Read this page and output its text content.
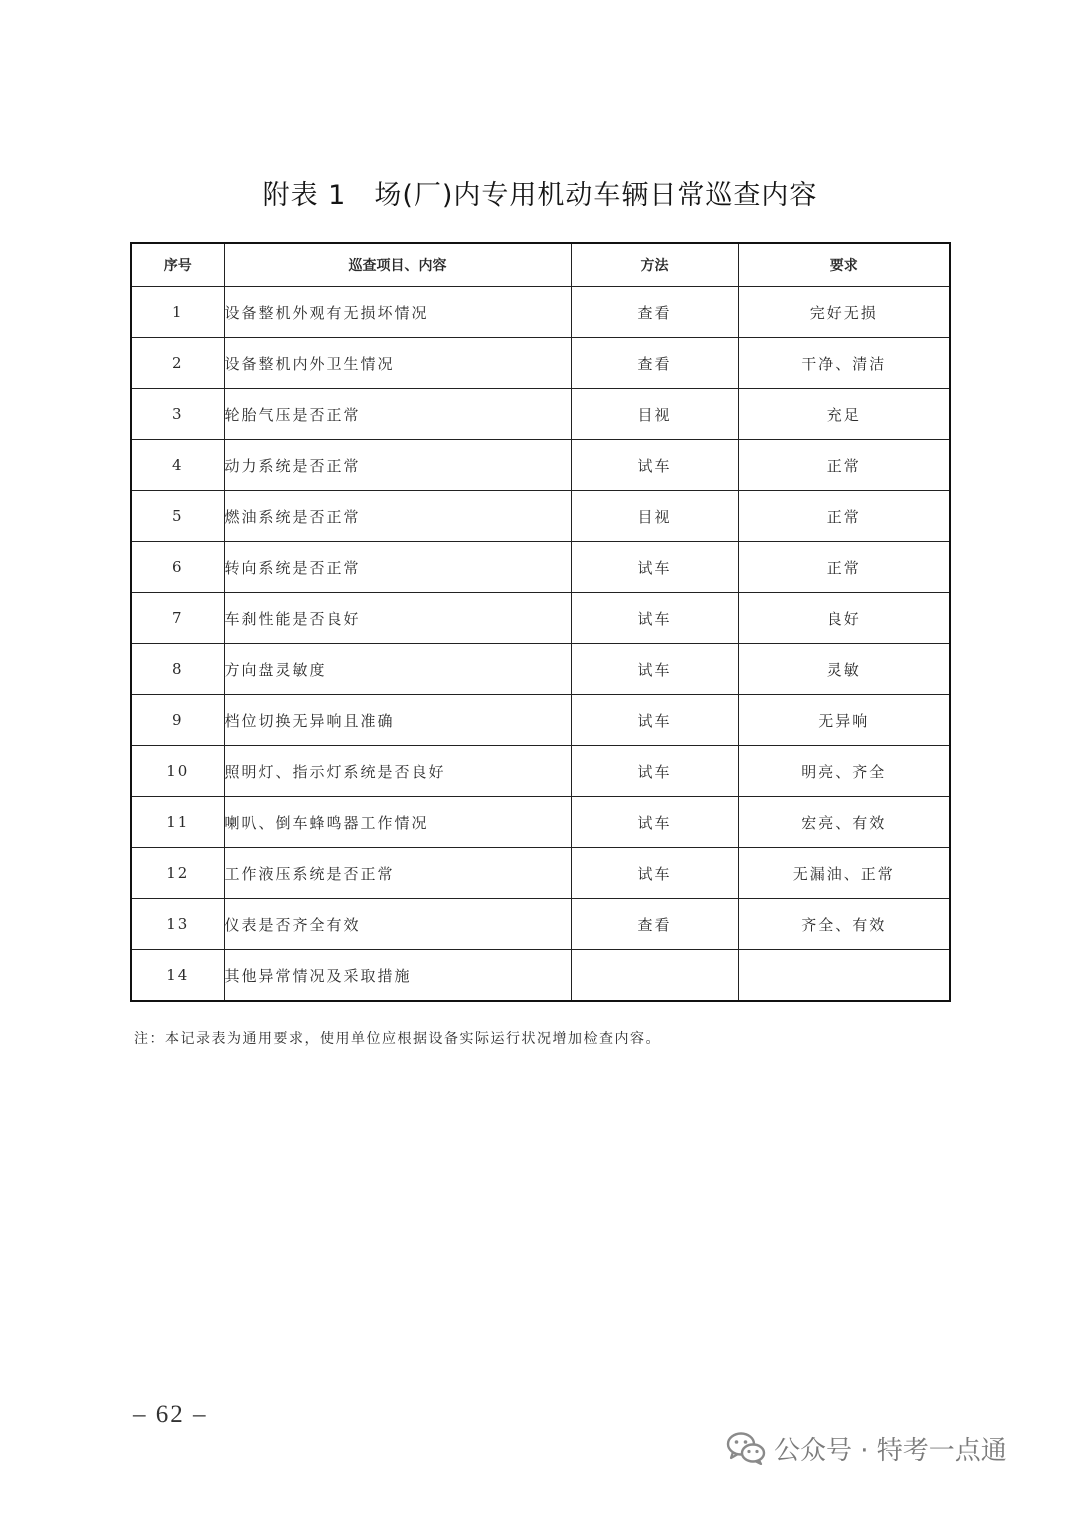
附表 1 场(厂)内专用机动车辆日常巡查内容
序号	巡查项目、内容	方法	要求
1	设备整机外观有无损坏情况	查看	完好无损
2	设备整机内外卫生情况	查看	干净、清洁
3	轮胎气压是否正常	目视	充足
4	动力系统是否正常	试车	正常
5	燃油系统是否正常	目视	正常
6	转向系统是否正常	试车	正常
7	车刹性能是否良好	试车	良好
8	方向盘灵敏度	试车	灵敏
9	档位切换无异响且准确	试车	无异响
10	照明灯、指示灯系统是否良好	试车	明亮、齐全
11	喇叭、倒车蜂鸣器工作情况	试车	宏亮、有效
12	工作液压系统是否正常	试车	无漏油、正常
13	仪表是否齐全有效	查看	齐全、有效
14	其他异常情况及采取措施		
注：本记录表为通用要求，使用单位应根据设备实际运行状况增加检查内容。
– 62 –
公众号 · 特考一点通
